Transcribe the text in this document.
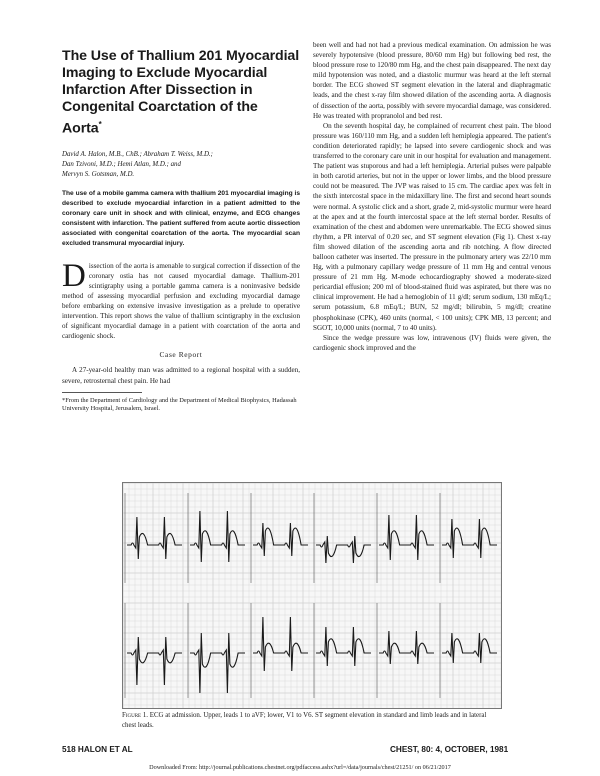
The Use of Thallium 201 Myocardial Imaging to Exclude Myocardial Infarction After Dissection in Congenital Coarctation of the Aorta*
David A. Halon, M.B., ChB.; Abraham T. Weiss, M.D.;
Dan Tzivoni, M.D.; Hemi Atlan, M.D.; and
Mervyn S. Gotsman, M.D.
The use of a mobile gamma camera with thallium 201 myocardial imaging is described to exclude myocardial infarction in a patient admitted to the coronary care unit in shock and with clinical, enzyme, and ECG changes consistent with infarction. The patient suffered from acute aortic dissection associated with congenital coarctation of the aorta. The myocardial scan excluded transmural myocardial injury.

Dissection of the aorta is amenable to surgical correction if dissection of the coronary ostia has not caused myocardial damage. Thallium-201 scintigraphy using a portable gamma camera is a noninvasive bedside method of assessing myocardial perfusion and excluding myocardial damage before embarking on extensive invasive investigation as a prelude to operative intervention. This report shows the value of thallium scintigraphy in the exclusion of significant myocardial damage in a patient with coarctation of the aorta and cardiogenic shock.

Case Report

A 27-year-old healthy man was admitted to a regional hospital with a sudden, severe, retrosternal chest pain. He had

*From the Department of Cardiology and the Department of Medical Biophysics, Hadassah University Hospital, Jerusalem, Israel.

been well and had not had a previous medical examination. On admission he was severely hypotensive (blood pressure, 80/60 mm Hg) but following bed rest, the blood pressure rose to 120/80 mm Hg, and the chest pain disappeared. The next day mild hypotension was noted, and a diastolic murmur was heard at the left sternal border. The ECG showed ST segment elevation in the lateral and diaphragmatic leads, and the chest x-ray film showed dilation of the ascending aorta. A diagnosis of dissection of the aorta, possibly with severe myocardial damage, was considered. He was treated with propranolol and bed rest.

On the seventh hospital day, he complained of recurrent chest pain. The blood pressure was 160/110 mm Hg, and a sudden left hemiplegia appeared. The patient's condition deteriorated rapidly; he lapsed into severe cardiogenic shock and was transferred to the coronary care unit in our hospital for evaluation and management. The patient was stuporous and had a left hemiplegia. Arterial pulses were palpable in both carotid arteries, but not in the upper or lower limbs, and the blood pressure could not be measured. The JVP was raised to 15 cm. The cardiac apex was felt in the sixth intercostal space in the midaxillary line. The first and second heart sounds were normal. A systolic click and a short, grade 2, mid-systolic murmur were heard at the apex and at the fourth intercostal space at the left sternal border. Results of examination of the chest and abdomen were unremarkable. The ECG showed sinus rhythm, a PR interval of 0.20 sec, and ST segment elevation (Fig 1). Chest x-ray film showed dilation of the ascending aorta and rib notching. A flow directed balloon catheter was inserted. The pressure in the pulmonary artery was 22/10 mm Hg, with a pulmonary capillary wedge pressure of 11 mm Hg and central venous pressure of 21 mm Hg. M-mode echocardiography showed a moderate-sized pericardial effusion; 200 ml of blood-stained fluid was aspirated, but there was no clinical improvement. He had a hemoglobin of 11 g/dl; serum sodium, 130 mEq/L; serum potassium, 6.8 mEq/L; BUN, 52 mg/dl; bilirubin, 5 mg/dl; creatine phosphokinase (CPK), 460 units (normal, < 100 units); CPK MB, 13 percent; and SGOT, 10,000 units (normal, 7 to 40 units).

Since the wedge pressure was low, intravenous (IV) fluids were given, the cardiogenic shock improved and the

Figure 1. ECG at admission. Upper, leads 1 to aVF; lower, V1 to V6. ST segment elevation in standard and limb leads and in lateral chest leads.
518 HALON ET AL	CHEST, 80: 4, OCTOBER, 1981
Downloaded From: http://journal.publications.chestnet.org/pdfaccess.ashx?url=/data/journals/chest/21251/ on 06/21/2017
